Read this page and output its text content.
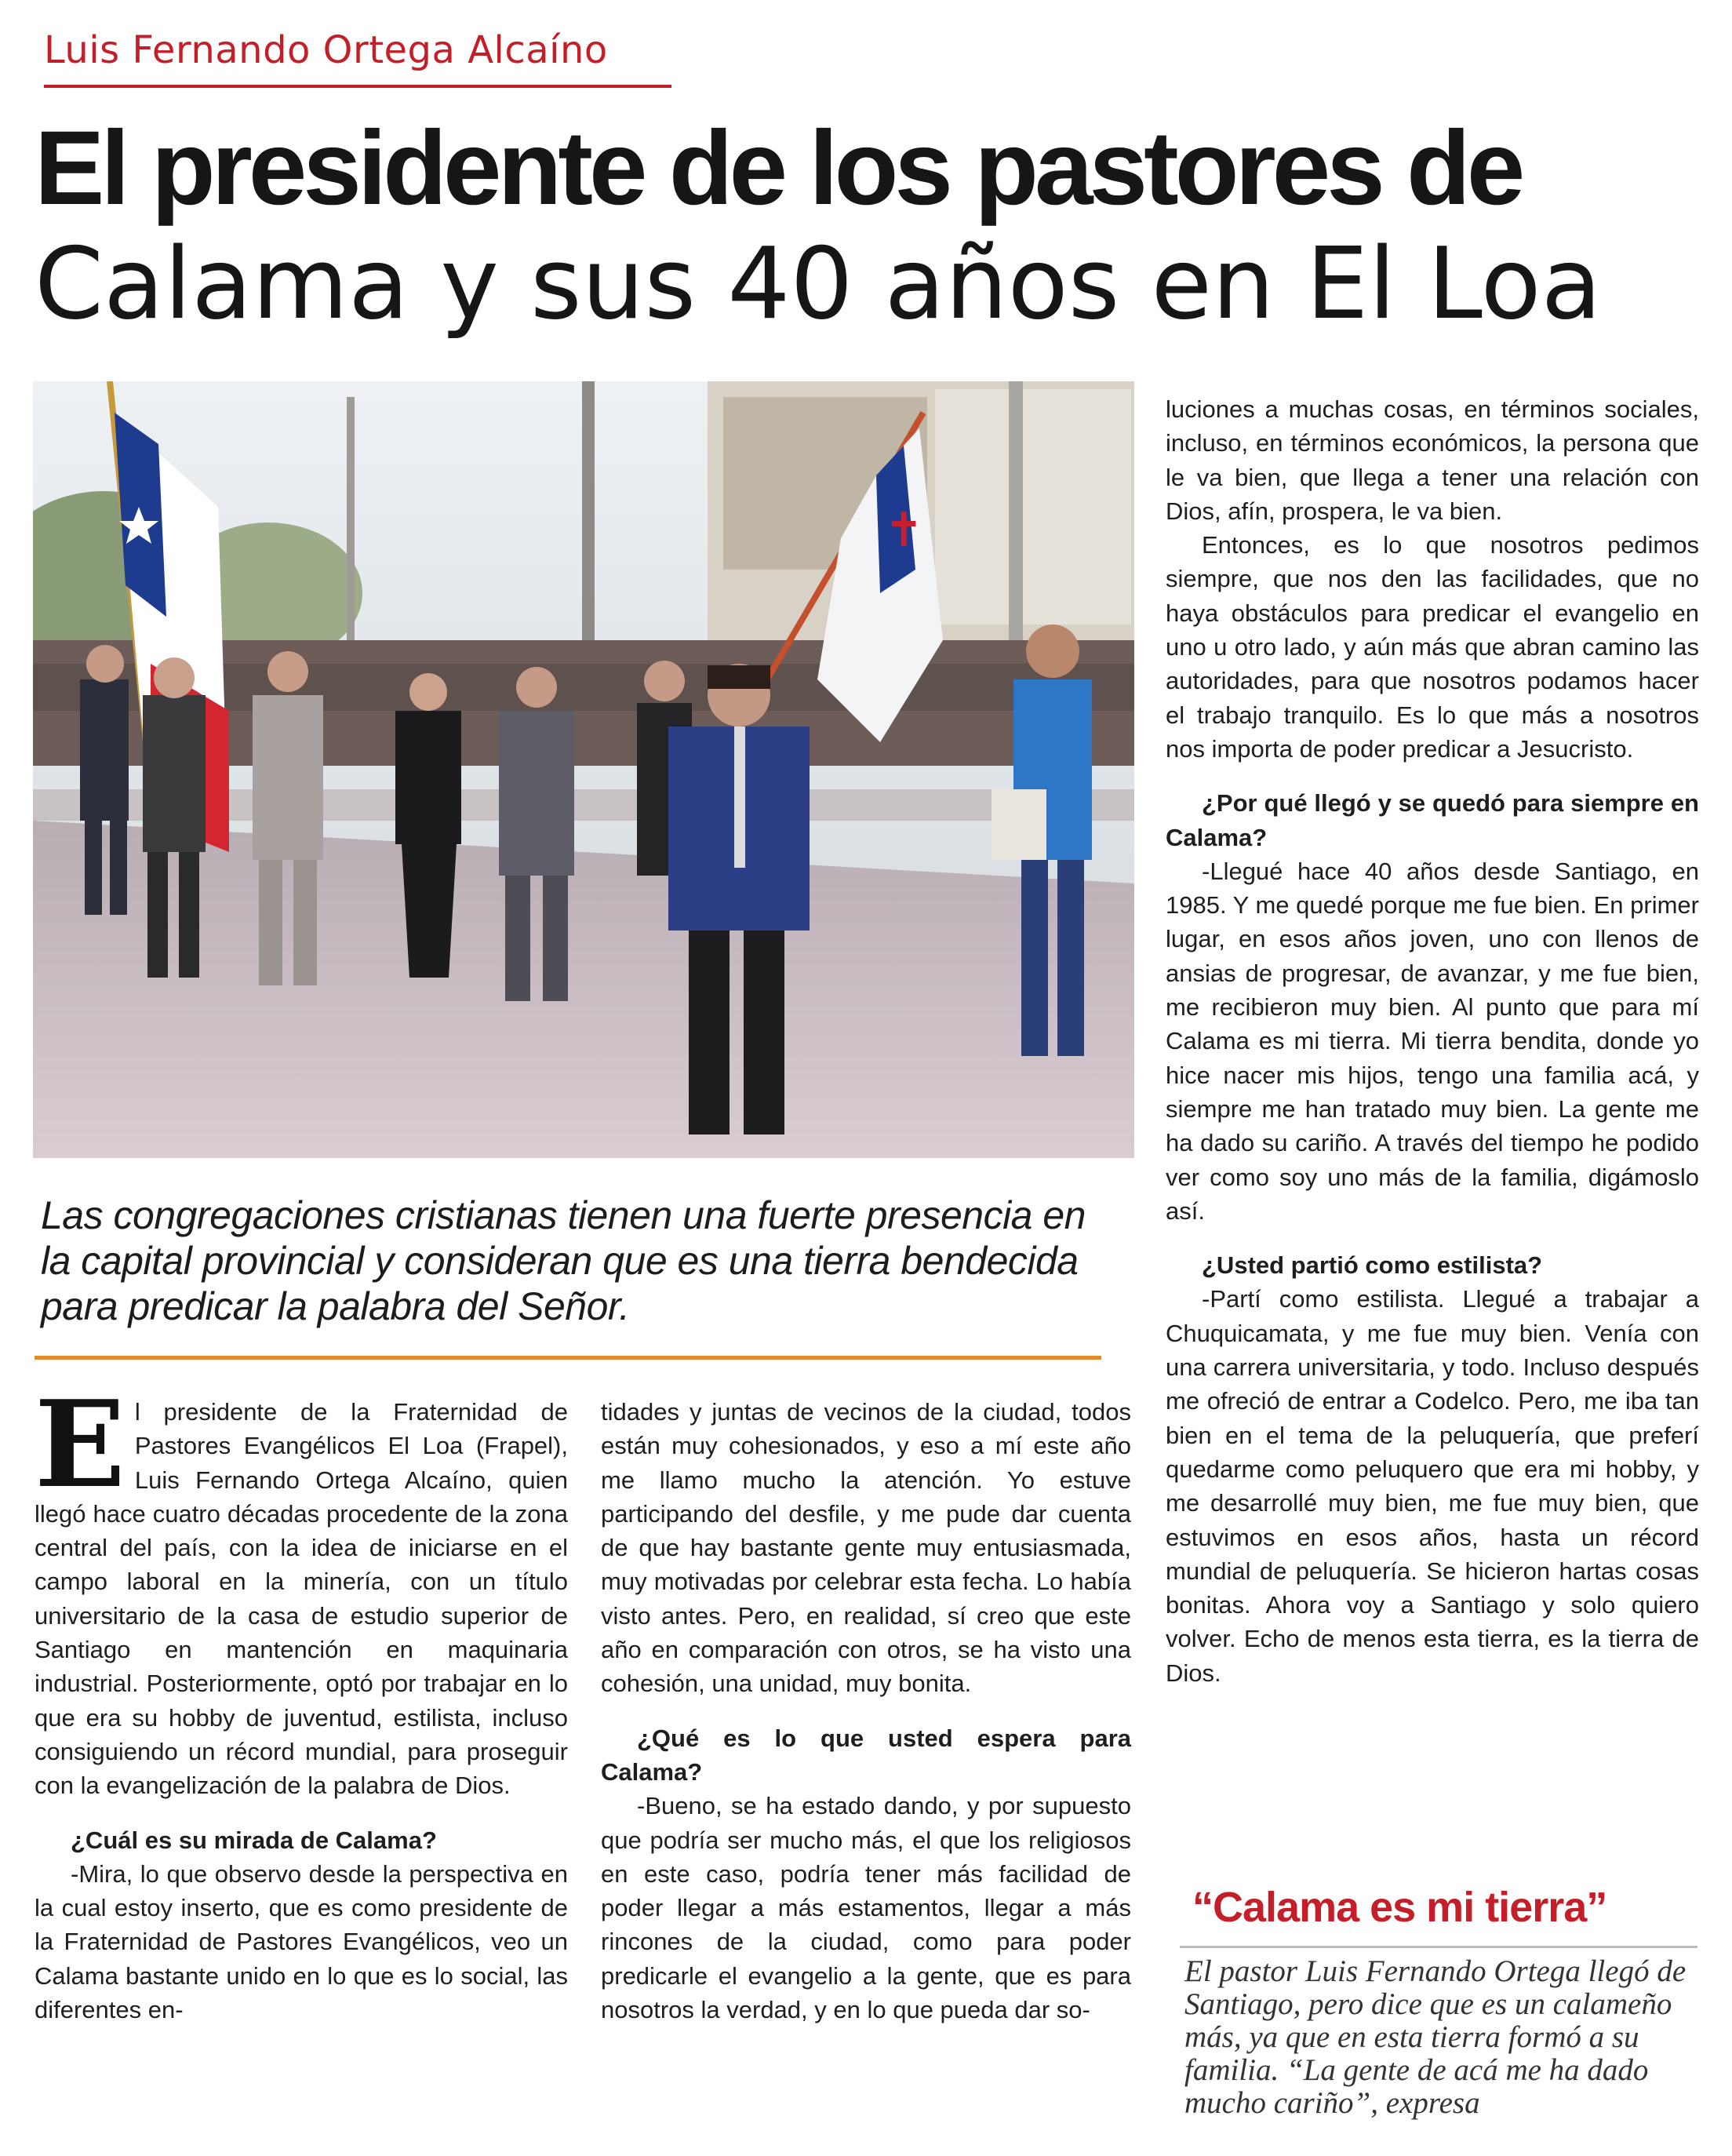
Luis Fernando Ortega Alcaíno
El presidente de los pastores de
Calama y sus 40 años en El Loa
✝
Las congregaciones cristianas tienen una fuerte presencia en la capital provincial y consideran que es una tierra bendecida para predicar la palabra del Señor.

El presidente de la Fraternidad de Pastores Evangélicos El Loa (Frapel), Luis Fernando Ortega Alcaíno, quien llegó hace cuatro décadas procedente de la zona central del país, con la idea de iniciarse en el campo laboral en la minería, con un título universitario de la casa de estudio superior de Santiago en mantención en maquinaria industrial. Posteriormente, optó por trabajar en lo que era su hobby de juventud, estilista, incluso consiguiendo un récord mundial, para proseguir con la evangelización de la palabra de Dios.

¿Cuál es su mirada de Calama?

-Mira, lo que observo desde la perspectiva en la cual estoy inserto, que es como presidente de la Fraternidad de Pastores Evangélicos, veo un Calama bastante unido en lo que es lo social, las diferentes en-

tidades y juntas de vecinos de la ciudad, todos están muy cohesionados, y eso a mí este año me llamo mucho la atención. Yo estuve participando del desfile, y me pude dar cuenta de que hay bastante gente muy entusiasmada, muy motivadas por celebrar esta fecha. Lo había visto antes. Pero, en realidad, sí creo que este año en comparación con otros, se ha visto una cohesión, una unidad, muy bonita.

¿Qué es lo que usted espera para Calama?

-Bueno, se ha estado dando, y por supuesto que podría ser mucho más, el que los religiosos en este caso, podría tener más facilidad de poder llegar a más estamentos, llegar a más rincones de la ciudad, como para poder predicarle el evangelio a la gente, que es para nosotros la verdad, y en lo que pueda dar so-

luciones a muchas cosas, en términos sociales, incluso, en términos económicos, la persona que le va bien, que llega a tener una relación con Dios, afín, prospera, le va bien.

Entonces, es lo que nosotros pedimos siempre, que nos den las facilidades, que no haya obstáculos para predicar el evangelio en uno u otro lado, y aún más que abran camino las autoridades, para que nosotros podamos hacer el trabajo tranquilo. Es lo que más a nosotros nos importa de poder predicar a Jesucristo.

¿Por qué llegó y se quedó para siempre en Calama?

-Llegué hace 40 años desde Santiago, en 1985. Y me quedé porque me fue bien. En primer lugar, en esos años joven, uno con llenos de ansias de progresar, de avanzar, y me fue bien, me recibieron muy bien. Al punto que para mí Calama es mi tierra. Mi tierra bendita, donde yo hice nacer mis hijos, tengo una familia acá, y siempre me han tratado muy bien. La gente me ha dado su cariño. A través del tiempo he podido ver como soy uno más de la familia, digámoslo así.

¿Usted partió como estilista?

-Partí como estilista. Llegué a trabajar a Chuquicamata, y me fue muy bien. Venía con una carrera universitaria, y todo. Incluso después me ofreció de entrar a Codelco. Pero, me iba tan bien en el tema de la peluquería, que preferí quedarme como peluquero que era mi hobby, y me desarrollé muy bien, me fue muy bien, que estuvimos en esos años, hasta un récord mundial de peluquería. Se hicieron hartas cosas bonitas. Ahora voy a Santiago y solo quiero volver. Echo de menos esta tierra, es la tierra de Dios.

“Calama es mi tierra”
El pastor Luis Fernando Ortega llegó de Santiago, pero dice que es un calameño más, ya que en esta tierra formó a su familia. “La gente de acá me ha dado mucho cariño”, expresa
